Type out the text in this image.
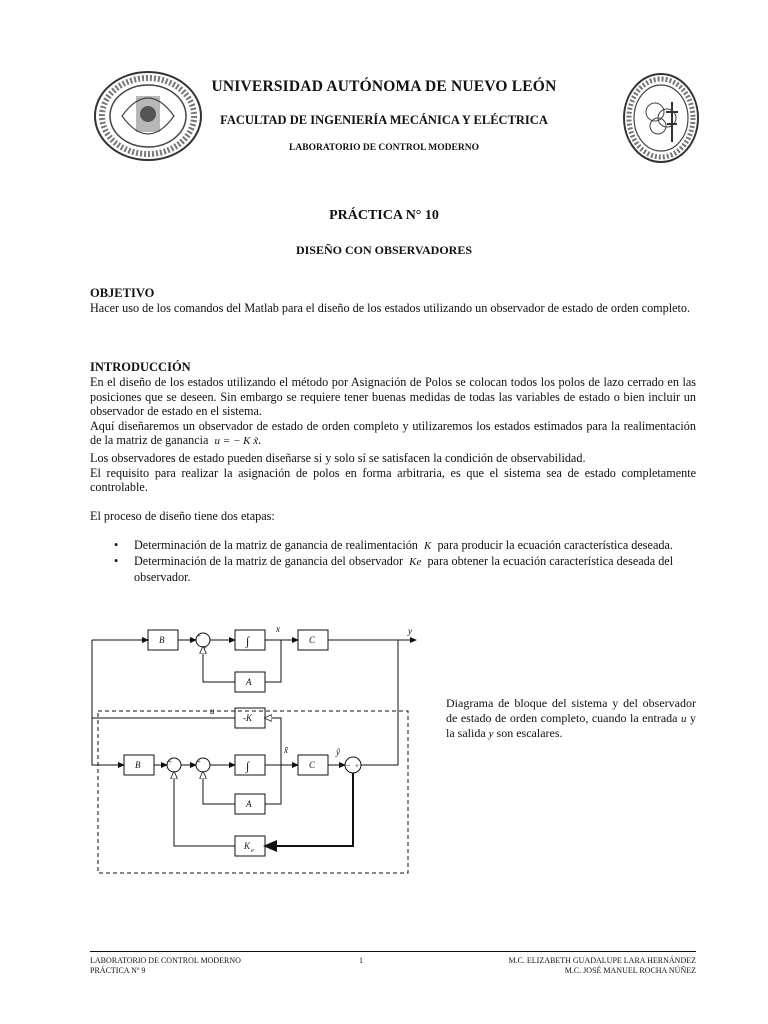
UNIVERSIDAD AUTÓNOMA DE NUEVO LEÓN
FACULTAD DE INGENIERÍA MECÁNICA Y ELÉCTRICA
LABORATORIO DE CONTROL MODERNO
PRÁCTICA N° 10
DISEÑO CON OBSERVADORES
OBJETIVO
Hacer uso de los comandos del Matlab para el diseño de los estados utilizando un observador de estado de orden completo.
INTRODUCCIÓN
En el diseño de los estados utilizando el método por Asignación de Polos se colocan todos los polos de lazo cerrado en las posiciones que se deseen. Sin embargo se requiere tener buenas medidas de todas las variables de estado o bien incluir un observador de estado en el sistema.
Aquí diseñaremos un observador de estado de orden completo y utilizaremos los estados estimados para la realimentación de la matriz de ganancia u = − K x̃.
Los observadores de estado pueden diseñarse si y solo sí se satisfacen la condición de observabilidad.
El requisito para realizar la asignación de polos en forma arbitraria, es que el sistema sea de estado completamente controlable.
El proceso de diseño tiene dos etapas:
• Determinación de la matriz de ganancia de realimentación K para producir la ecuación característica deseada.
• Determinación de la matriz de ganancia del observador Ke para obtener la ecuación característica deseada del observador.
B	∫	C
A
x	y
-K
u
B	∫	C
A
x̃	ỹ
K e
+
+
+	+	− +
Diagrama de bloque del sistema y del observador de estado de orden completo, cuando la entrada u y la salida y son escalares.
LABORATORIO DE CONTROL MODERNO
PRÁCTICA Nº 9
1	M.C. ELIZABETH GUADALUPE LARA HERNÁNDEZ
M.C. JOSÉ MANUEL ROCHA NÚÑEZ
